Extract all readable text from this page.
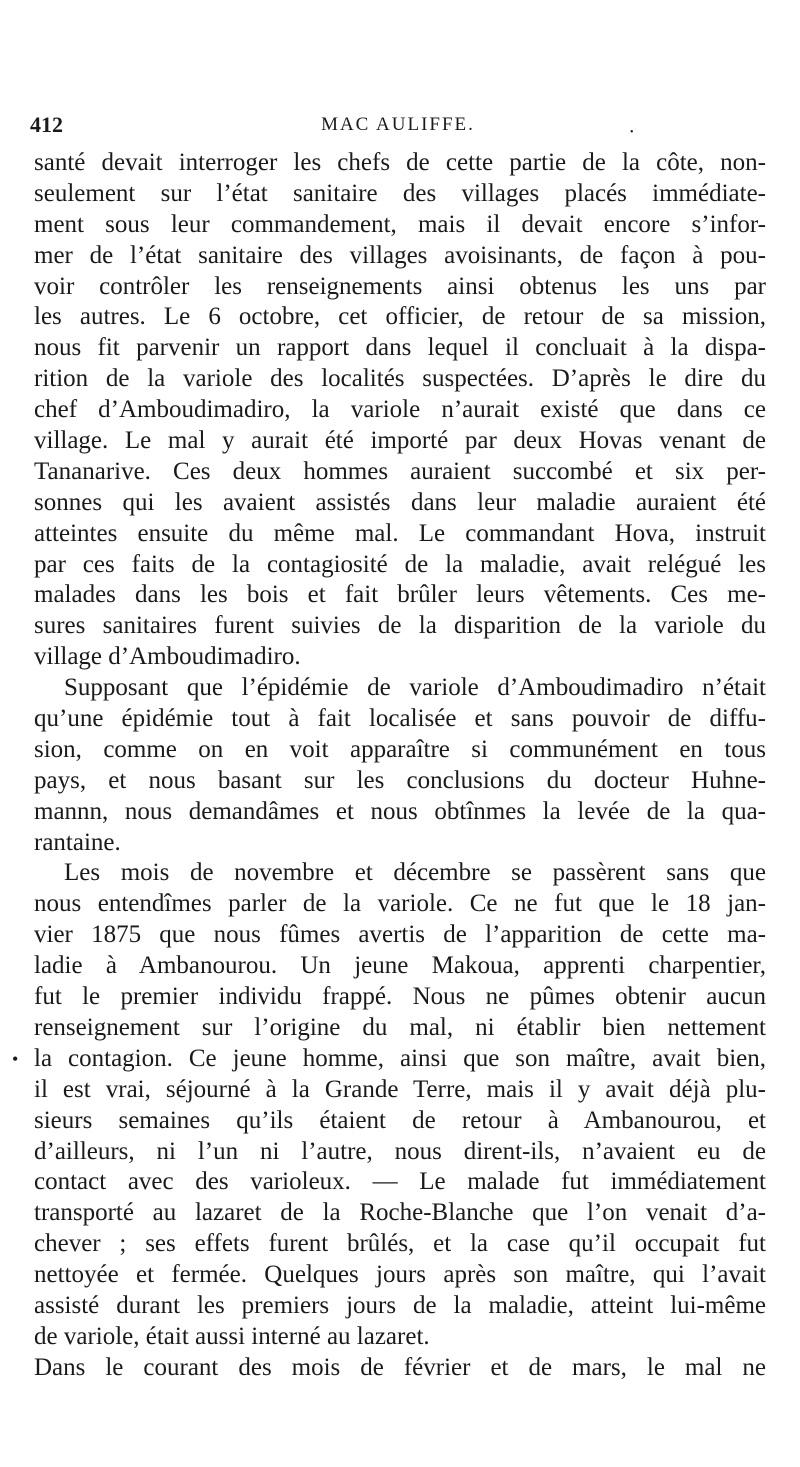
412	MAC AULIFFE.	•
•
santé devait interroger les chefs de cette partie de la côte, non-
seulement sur l’état sanitaire des villages placés immédiate-
ment sous leur commandement, mais il devait encore s’infor-
mer de l’état sanitaire des villages avoisinants, de façon à pou-
voir contrôler les renseignements ainsi obtenus les uns par
les autres. Le 6 octobre, cet officier, de retour de sa mission,
nous fit parvenir un rapport dans lequel il concluait à la dispa-
rition de la variole des localités suspectées. D’après le dire du
chef d’Amboudimadiro, la variole n’aurait existé que dans ce
village. Le mal y aurait été importé par deux Hovas venant de
Tananarive. Ces deux hommes auraient succombé et six per-
sonnes qui les avaient assistés dans leur maladie auraient été
atteintes ensuite du même mal. Le commandant Hova, instruit
par ces faits de la contagiosité de la maladie, avait relégué les
malades dans les bois et fait brûler leurs vêtements. Ces me-
sures sanitaires furent suivies de la disparition de la variole du
village d’Amboudimadiro.
Supposant que l’épidémie de variole d’Amboudimadiro n’était
qu’une épidémie tout à fait localisée et sans pouvoir de diffu-
sion, comme on en voit apparaître si communément en tous
pays, et nous basant sur les conclusions du docteur Huhne-
mannn, nous demandâmes et nous obtînmes la levée de la qua-
rantaine.
Les mois de novembre et décembre se passèrent sans que
nous entendîmes parler de la variole. Ce ne fut que le 18 jan-
vier 1875 que nous fûmes avertis de l’apparition de cette ma-
ladie à Ambanourou. Un jeune Makoua, apprenti charpentier,
fut le premier individu frappé. Nous ne pûmes obtenir aucun
renseignement sur l’origine du mal, ni établir bien nettement
la contagion. Ce jeune homme, ainsi que son maître, avait bien,
il est vrai, séjourné à la Grande Terre, mais il y avait déjà plu-
sieurs semaines qu’ils étaient de retour à Ambanourou, et
d’ailleurs, ni l’un ni l’autre, nous dirent-ils, n’avaient eu de
contact avec des varioleux. — Le malade fut immédiatement
transporté au lazaret de la Roche-Blanche que l’on venait d’a-
chever ; ses effets furent brûlés, et la case qu’il occupait fut
nettoyée et fermée. Quelques jours après son maître, qui l’avait
assisté durant les premiers jours de la maladie, atteint lui-même
de variole, était aussi interné au lazaret.
Dans le courant des mois de février et de mars, le mal ne
